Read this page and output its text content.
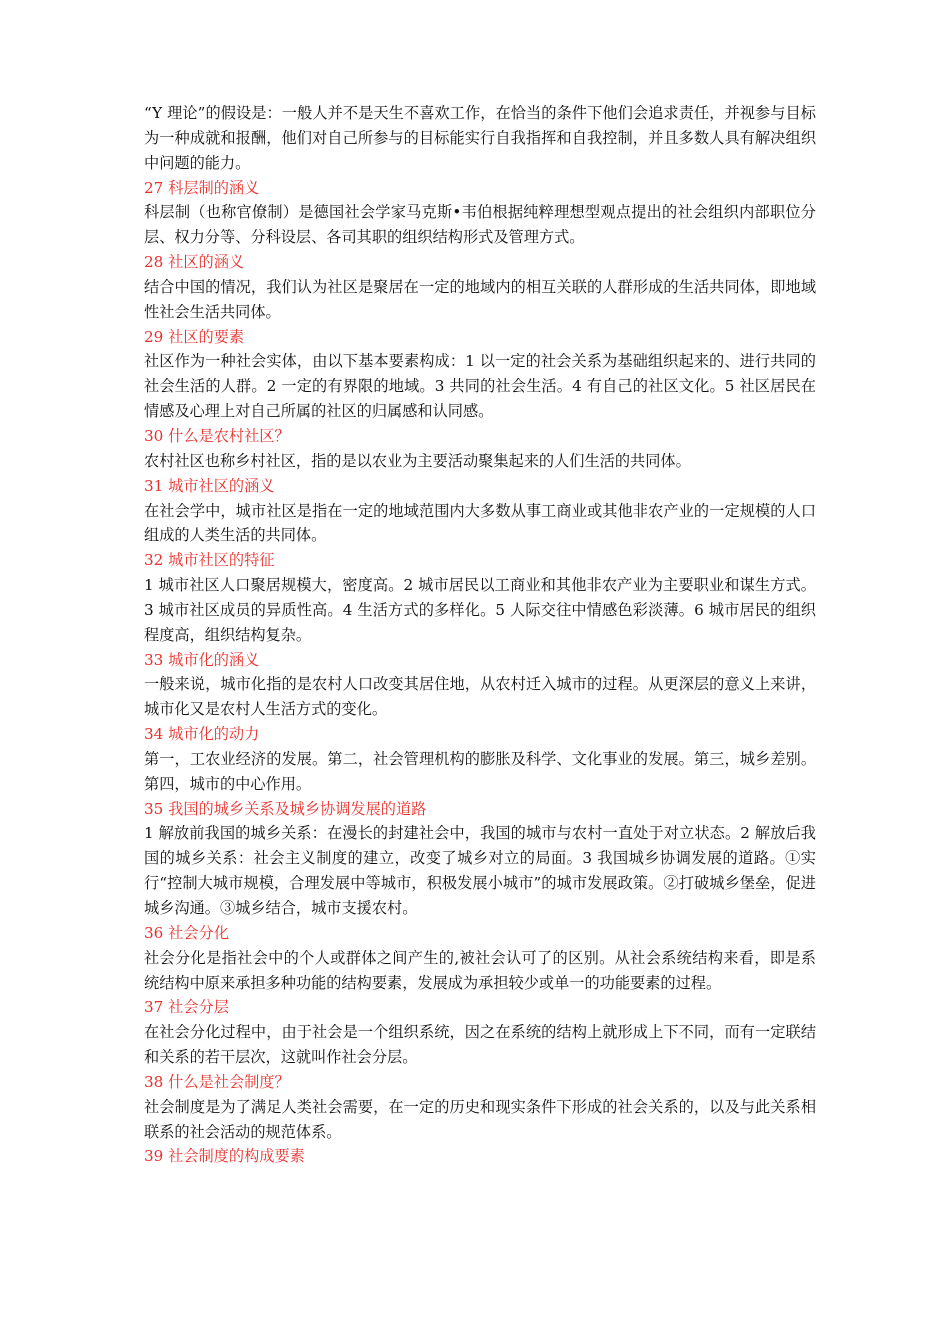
“Y 理论”的假设是：一般人并不是天生不喜欢工作，在恰当的条件下他们会追求责任，并视参与目标为一种成就和报酬，他们对自己所参与的目标能实行自我指挥和自我控制，并且多数人具有解决组织中问题的能力。

27 科层制的涵义

科层制（也称官僚制）是德国社会学家马克斯•韦伯根据纯粹理想型观点提出的社会组织内部职位分层、权力分等、分科设层、各司其职的组织结构形式及管理方式。

28 社区的涵义

结合中国的情况，我们认为社区是聚居在一定的地域内的相互关联的人群形成的生活共同体，即地域性社会生活共同体。

29 社区的要素

社区作为一种社会实体，由以下基本要素构成：1 以一定的社会关系为基础组织起来的、进行共同的社会生活的人群。2 一定的有界限的地域。3 共同的社会生活。4 有自己的社区文化。5 社区居民在情感及心理上对自己所属的社区的归属感和认同感。

30 什么是农村社区？

农村社区也称乡村社区，指的是以农业为主要活动聚集起来的人们生活的共同体。

31 城市社区的涵义

在社会学中，城市社区是指在一定的地域范围内大多数从事工商业或其他非农产业的一定规模的人口组成的人类生活的共同体。

32 城市社区的特征

1 城市社区人口聚居规模大，密度高。2 城市居民以工商业和其他非农产业为主要职业和谋生方式。3 城市社区成员的异质性高。4 生活方式的多样化。5 人际交往中情感色彩淡薄。6 城市居民的组织程度高，组织结构复杂。

33 城市化的涵义

一般来说，城市化指的是农村人口改变其居住地，从农村迁入城市的过程。从更深层的意义上来讲，城市化又是农村人生活方式的变化。

34 城市化的动力

第一，工农业经济的发展。第二，社会管理机构的膨胀及科学、文化事业的发展。第三，城乡差别。第四，城市的中心作用。

35 我国的城乡关系及城乡协调发展的道路

1 解放前我国的城乡关系：在漫长的封建社会中，我国的城市与农村一直处于对立状态。2 解放后我国的城乡关系：社会主义制度的建立，改变了城乡对立的局面。3 我国城乡协调发展的道路。①实行“控制大城市规模，合理发展中等城市，积极发展小城市”的城市发展政策。②打破城乡堡垒，促进城乡沟通。③城乡结合，城市支援农村。

36 社会分化

社会分化是指社会中的个人或群体之间产生的,被社会认可了的区别。从社会系统结构来看，即是系统结构中原来承担多种功能的结构要素，发展成为承担较少或单一的功能要素的过程。

37 社会分层

在社会分化过程中，由于社会是一个组织系统，因之在系统的结构上就形成上下不同，而有一定联结和关系的若干层次，这就叫作社会分层。

38 什么是社会制度？

社会制度是为了满足人类社会需要，在一定的历史和现实条件下形成的社会关系的，以及与此关系相联系的社会活动的规范体系。

39 社会制度的构成要素
